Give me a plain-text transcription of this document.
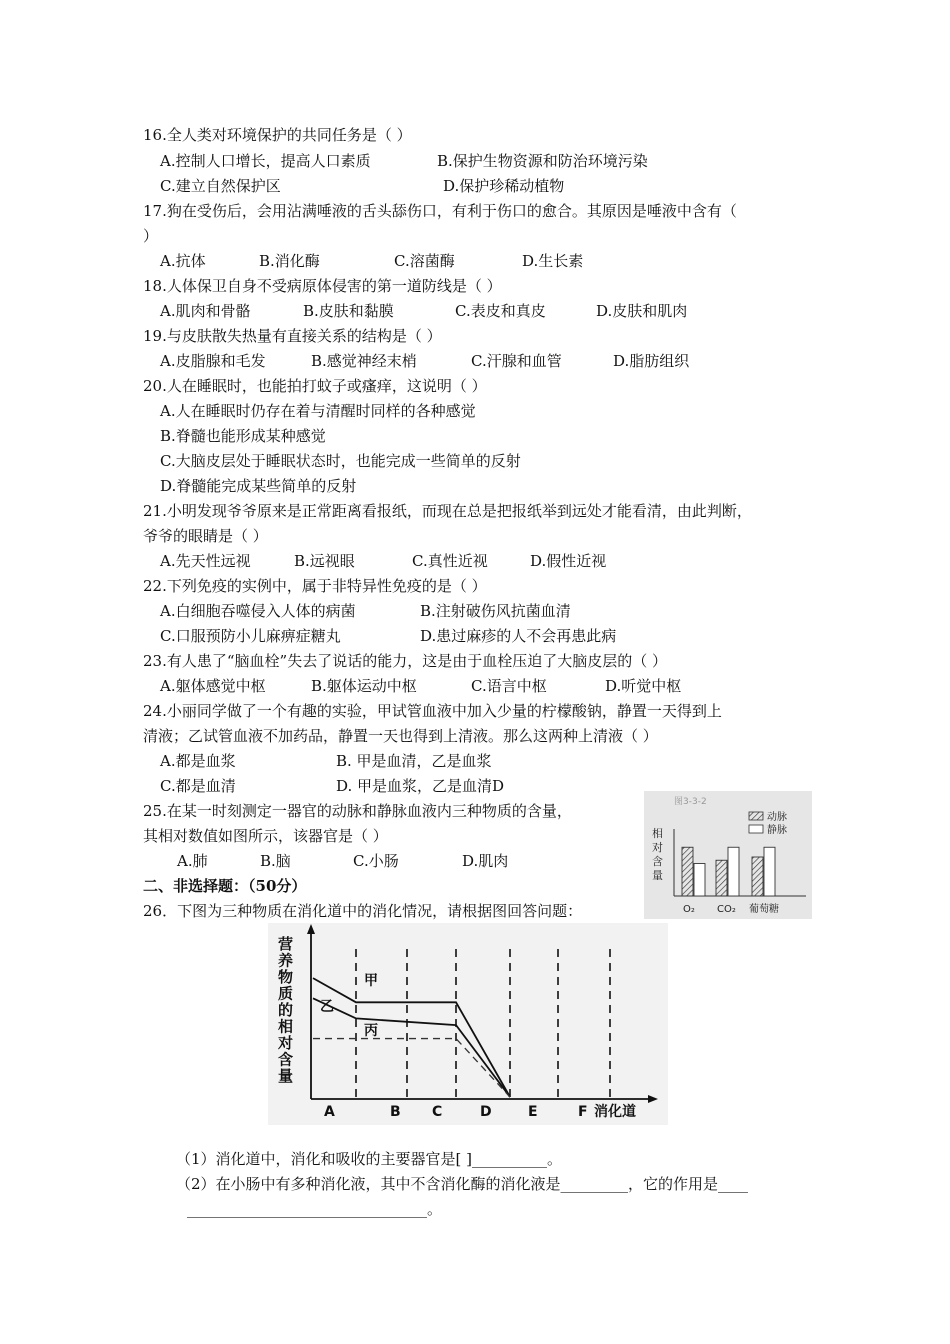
16.全人类对环境保护的共同任务是（ ）
A.控制人口增长，提高人口素质	B.保护生物资源和防治环境污染
C.建立自然保护区	D.保护珍稀动植物
17.狗在受伤后，会用沾满唾液的舌头舔伤口，有利于伤口的愈合。其原因是唾液中含有（
）
A.抗体	B.消化酶	C.溶菌酶	D.生长素
18.人体保卫自身不受病原体侵害的第一道防线是（ ）
A.肌肉和骨骼	B.皮肤和黏膜	C.表皮和真皮	D.皮肤和肌肉
19.与皮肤散失热量有直接关系的结构是（ ）
A.皮脂腺和毛发	B.感觉神经末梢	C.汗腺和血管	D.脂肪组织
20.人在睡眠时，也能拍打蚊子或瘙痒，这说明（ ）
A.人在睡眠时仍存在着与清醒时同样的各种感觉
B.脊髓也能形成某种感觉
C.大脑皮层处于睡眠状态时，也能完成一些简单的反射
D.脊髓能完成某些简单的反射
21.小明发现爷爷原来是正常距离看报纸，而现在总是把报纸举到远处才能看清，由此判断，
爷爷的眼睛是（ ）
A.先天性远视	B.远视眼	C.真性近视	D.假性近视
22.下列免疫的实例中，属于非特异性免疫的是（ ）
A.白细胞吞噬侵入人体的病菌	B.注射破伤风抗菌血清
C.口服预防小儿麻痹症糖丸	D.患过麻疹的人不会再患此病
23.有人患了“脑血栓”失去了说话的能力，这是由于血栓压迫了大脑皮层的（ ）
A.躯体感觉中枢	B.躯体运动中枢	C.语言中枢	D.听觉中枢
24.小丽同学做了一个有趣的实验，甲试管血液中加入少量的柠檬酸钠，静置一天得到上
清液；乙试管血液不加药品，静置一天也得到上清液。那么这两种上清液（ ）
A.都是血浆	B. 甲是血清，乙是血浆
C.都是血清	D. 甲是血浆，乙是血清D
25.在某一时刻测定一器官的动脉和静脉血液内三种物质的含量，
其相对数值如图所示，该器官是（ ）
A.肺	B.脑	C.小肠	D.肌肉
图3-3-2
相
对
含
量
动脉
静脉
O₂ CO₂ 葡萄糖
二、非选择题：（50分）
26．下图为三种物质在消化道中的消化情况，请根据图回答问题：
营
养
物
质
的
相
对
含
量
A	B C	D	E	F 消化道
甲
乙
丙
（1）消化道中，消化和吸收的主要器官是[ ]__________。
（2）在小肠中有多种消化液，其中不含消化酶的消化液是_________，它的作用是____
________________________________。
